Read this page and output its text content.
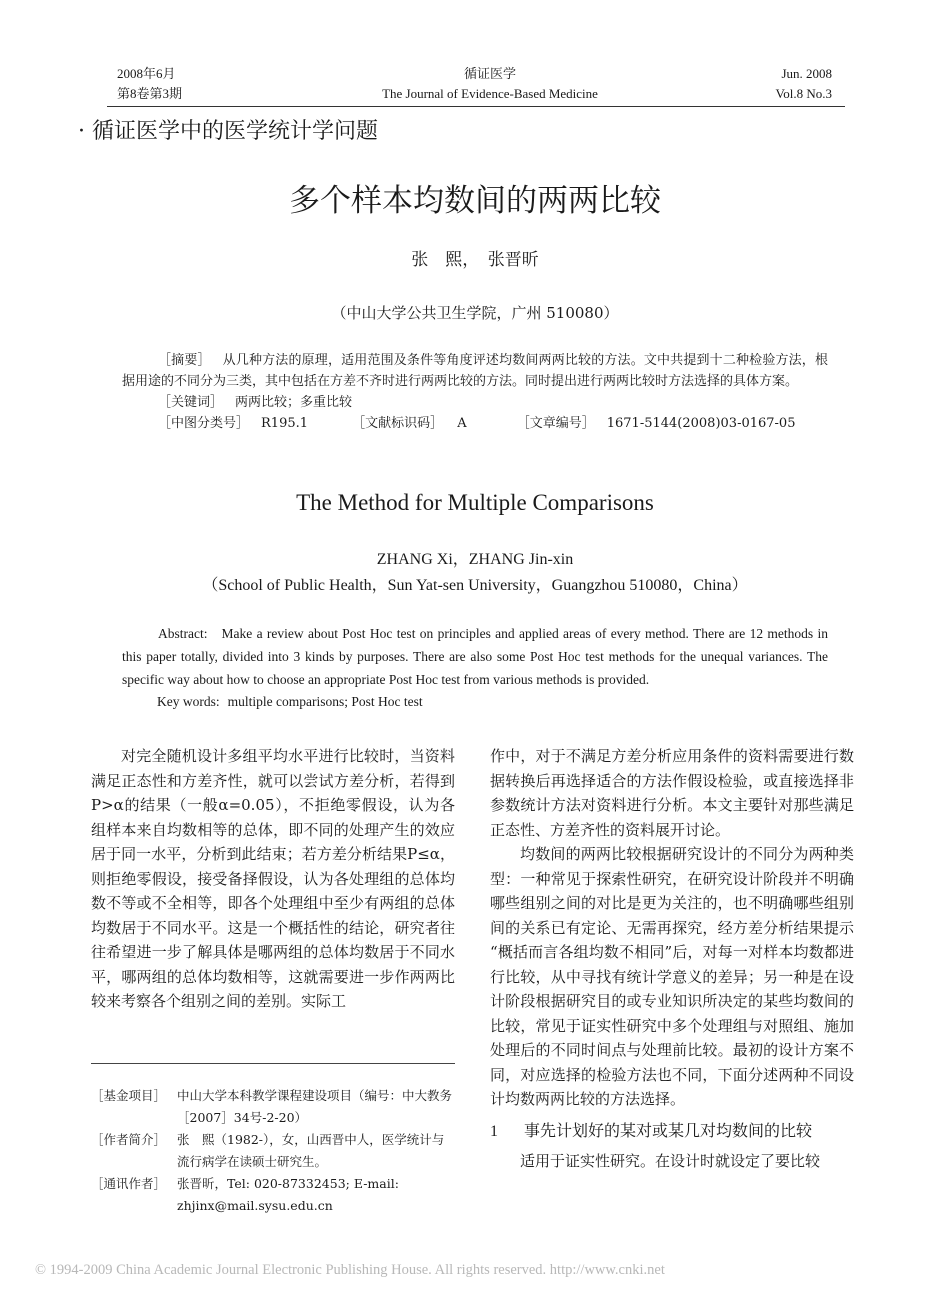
2008年6月
第8卷第3期
循证医学
The Journal of Evidence-Based Medicine
Jun. 2008
Vol.8 No.3
· 循证医学中的医学统计学问题
多个样本均数间的两两比较
张　熙，　张晋昕
（中山大学公共卫生学院，广州 510080）
［摘要］ 从几种方法的原理，适用范围及条件等角度评述均数间两两比较的方法。文中共提到十二种检验方法，根据用途的不同分为三类，其中包括在方差不齐时进行两两比较的方法。同时提出进行两两比较时方法选择的具体方案。
［关键词］ 两两比较；多重比较
［中图分类号］ R195.1	［文献标识码］ A	［文章编号］ 1671-5144(2008)03-0167-05
The Method for Multiple Comparisons
ZHANG Xi，ZHANG Jin-xin
（School of Public Health，Sun Yat-sen University，Guangzhou 510080，China）
Abstract: Make a review about Post Hoc test on principles and applied areas of every method. There are 12 methods in this paper totally, divided into 3 kinds by purposes. There are also some Post Hoc test methods for the unequal variances. The specific way about how to choose an appropriate Post Hoc test from various methods is provided.
Key words: multiple comparisons; Post Hoc test

对完全随机设计多组平均水平进行比较时，当资料满足正态性和方差齐性，就可以尝试方差分析，若得到P>α的结果（一般α=0.05），不拒绝零假设，认为各组样本来自均数相等的总体，即不同的处理产生的效应居于同一水平，分析到此结束；若方差分析结果P≤α，则拒绝零假设，接受备择假设，认为各处理组的总体均数不等或不全相等，即各个处理组中至少有两组的总体均数居于不同水平。这是一个概括性的结论，研究者往往希望进一步了解具体是哪两组的总体均数居于不同水平，哪两组的总体均数相等，这就需要进一步作两两比较来考察各个组别之间的差别。实际工

［基金项目］ 中山大学本科教学课程建设项目（编号：中大教务［2007］34号-2-20）
［作者简介］ 张　熙（1982-），女，山西晋中人，医学统计与流行病学在读硕士研究生。
［通讯作者］ 张晋昕，Tel: 020-87332453; E-mail: zhjinx@mail.sysu.edu.cn

作中，对于不满足方差分析应用条件的资料需要进行数据转换后再选择适合的方法作假设检验，或直接选择非参数统计方法对资料进行分析。本文主要针对那些满足正态性、方差齐性的资料展开讨论。

均数间的两两比较根据研究设计的不同分为两种类型：一种常见于探索性研究，在研究设计阶段并不明确哪些组别之间的对比是更为关注的，也不明确哪些组别间的关系已有定论、无需再探究，经方差分析结果提示 “概括而言各组均数不相同”后，对每一对样本均数都进行比较，从中寻找有统计学意义的差异；另一种是在设计阶段根据研究目的或专业知识所决定的某些均数间的比较，常见于证实性研究中多个处理组与对照组、施加处理后的不同时间点与处理前比较。最初的设计方案不同，对应选择的检验方法也不同，下面分述两种不同设计均数两两比较的方法选择。

1 事先计划好的某对或某几对均数间的比较

适用于证实性研究。在设计时就设定了要比较

© 1994-2009 China Academic Journal Electronic Publishing House. All rights reserved. http://www.cnki.net
